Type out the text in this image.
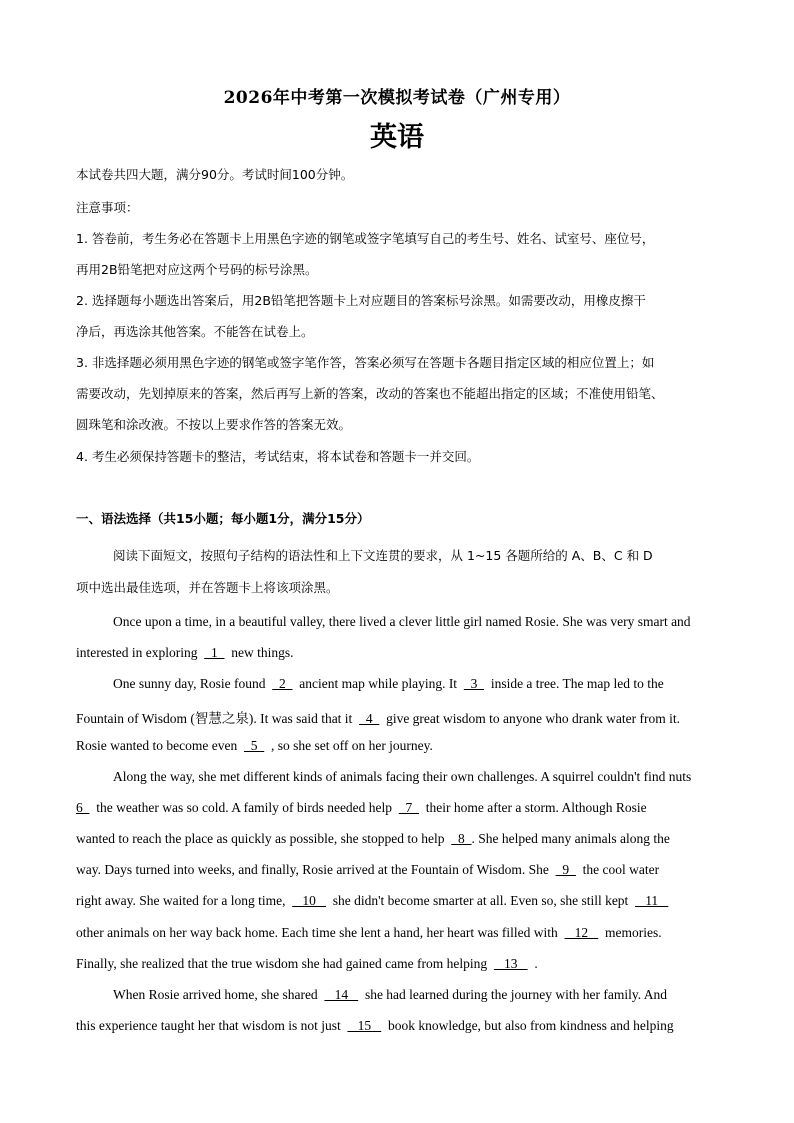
2026年中考第一次模拟考试卷（广州专用）
英语
本试卷共四大题，满分90分。考试时间100分钟。
注意事项：
1. 答卷前，考生务必在答题卡上用黑色字迹的钢笔或签字笔填写自己的考生号、姓名、试室号、座位号，
再用2B铅笔把对应这两个号码的标号涂黑。
2. 选择题每小题选出答案后，用2B铅笔把答题卡上对应题目的答案标号涂黑。如需要改动，用橡皮擦干
净后，再选涂其他答案。不能答在试卷上。
3. 非选择题必须用黑色字迹的钢笔或签字笔作答，答案必须写在答题卡各题目指定区域的相应位置上；如
需要改动，先划掉原来的答案，然后再写上新的答案，改动的答案也不能超出指定的区域；不准使用铅笔、
圆珠笔和涂改液。不按以上要求作答的答案无效。
4. 考生必须保持答题卡的整洁，考试结束，将本试卷和答题卡一并交回。
一、语法选择（共15小题；每小题1分，满分15分）
阅读下面短文，按照句子结构的语法性和上下文连贯的要求，从 1~15 各题所给的 A、B、C 和 D
项中选出最佳选项，并在答题卡上将该项涂黑。
Once upon a time, in a beautiful valley, there lived a clever little girl named Rosie. She was very smart and
interested in exploring    1    new things.
One sunny day, Rosie found    2    ancient map while playing. It    3    inside a tree. The map led to the
Fountain of Wisdom (智慧之泉). It was said that it    4    give great wisdom to anyone who drank water from it.
Rosie wanted to become even    5    , so she set off on her journey.
Along the way, she met different kinds of animals facing their own challenges. A squirrel couldn't find nuts
6    the weather was so cold. A family of birds needed help    7    their home after a storm. Although Rosie
wanted to reach the place as quickly as possible, she stopped to help    8  . She helped many animals along the
way. Days turned into weeks, and finally, Rosie arrived at the Fountain of Wisdom. She    9    the cool water
right away. She waited for a long time,     10     she didn't become smarter at all. Even so, she still kept     11
other animals on her way back home. Each time she lent a hand, her heart was filled with     12     memories.
Finally, she realized that the true wisdom she had gained came from helping     13     .
When Rosie arrived home, she shared     14     she had learned during the journey with her family. And
this experience taught her that wisdom is not just     15     book knowledge, but also from kindness and helping
